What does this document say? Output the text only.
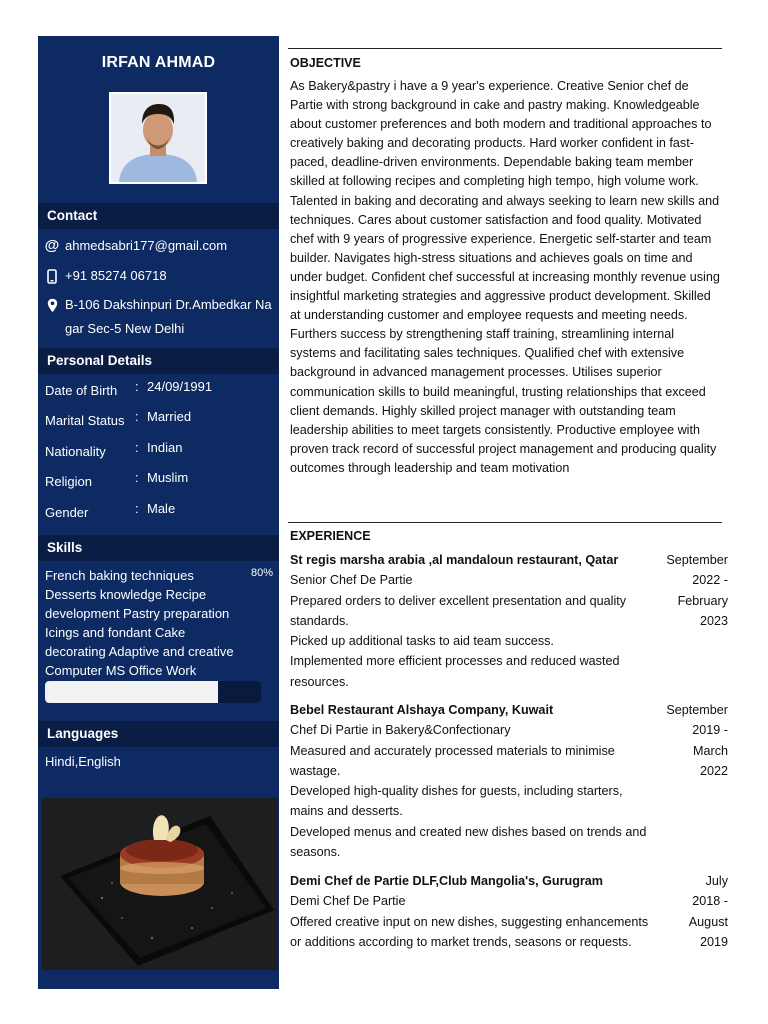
IRFAN AHMAD
Contact
@ ahmedsabri177@gmail.com
+91 85274 06718
B-106 Dakshinpuri Dr.Ambedkar Na
gar Sec-5 New Delhi
Personal Details
Date of Birth : 24/09/1991
Marital Status : Married
Nationality : Indian
Religion	: Muslim
Gender	: Male
Skills
French baking techniques Desserts knowledge Recipe development Pastry preparation Icings and fondant Cake decorating Adaptive and creative Computer MS Office Work
80%
Languages
Hindi,English
OBJECTIVE

As Bakery&pastry i have a 9 year's experience. Creative Senior chef de Partie with strong background in cake and pastry making. Knowledgeable about customer preferences and both modern and traditional approaches to creatively baking and decorating products. Hard worker confident in fast-paced, deadline-driven environments. Dependable baking team member skilled at following recipes and completing high tempo, high volume work. Talented in baking and decorating and always seeking to learn new skills and techniques. Cares about customer satisfaction and food quality. Motivated chef with 9 years of progressive experience. Energetic self-starter and team builder. Navigates high-stress situations and achieves goals on time and under budget. Confident chef successful at increasing monthly revenue using insightful marketing strategies and aggressive product development. Skilled at understanding customer and employee requests and meeting needs. Furthers success by strengthening staff training, streamlining internal systems and facilitating sales techniques. Qualified chef with extensive background in advanced management processes. Utilises superior communication skills to build meaningful, trusting relationships that exceed client demands. Highly skilled project manager with outstanding team leadership abilities to meet targets consistently. Productive employee with proven track record of successful project management and producing quality outcomes through leadership and team motivation

EXPERIENCE
St regis marsha arabia ,al mandaloun restaurant, Qatar
Senior Chef De Partie
Prepared orders to deliver excellent presentation and quality standards.
Picked up additional tasks to aid team success.
Implemented more efficient processes and reduced wasted resources.
September
2022 -
February
2023
Bebel Restaurant Alshaya Company, Kuwait
Chef Di Partie in Bakery&Confectionary
Measured and accurately processed materials to minimise wastage.
Developed high-quality dishes for guests, including starters, mains and desserts.
Developed menus and created new dishes based on trends and seasons.
September
2019 -
March
2022
Demi Chef de Partie DLF,Club Mangolia's, Gurugram
Demi Chef De Partie
Offered creative input on new dishes, suggesting enhancements or additions according to market trends, seasons or requests.
July
2018 -
August
2019
